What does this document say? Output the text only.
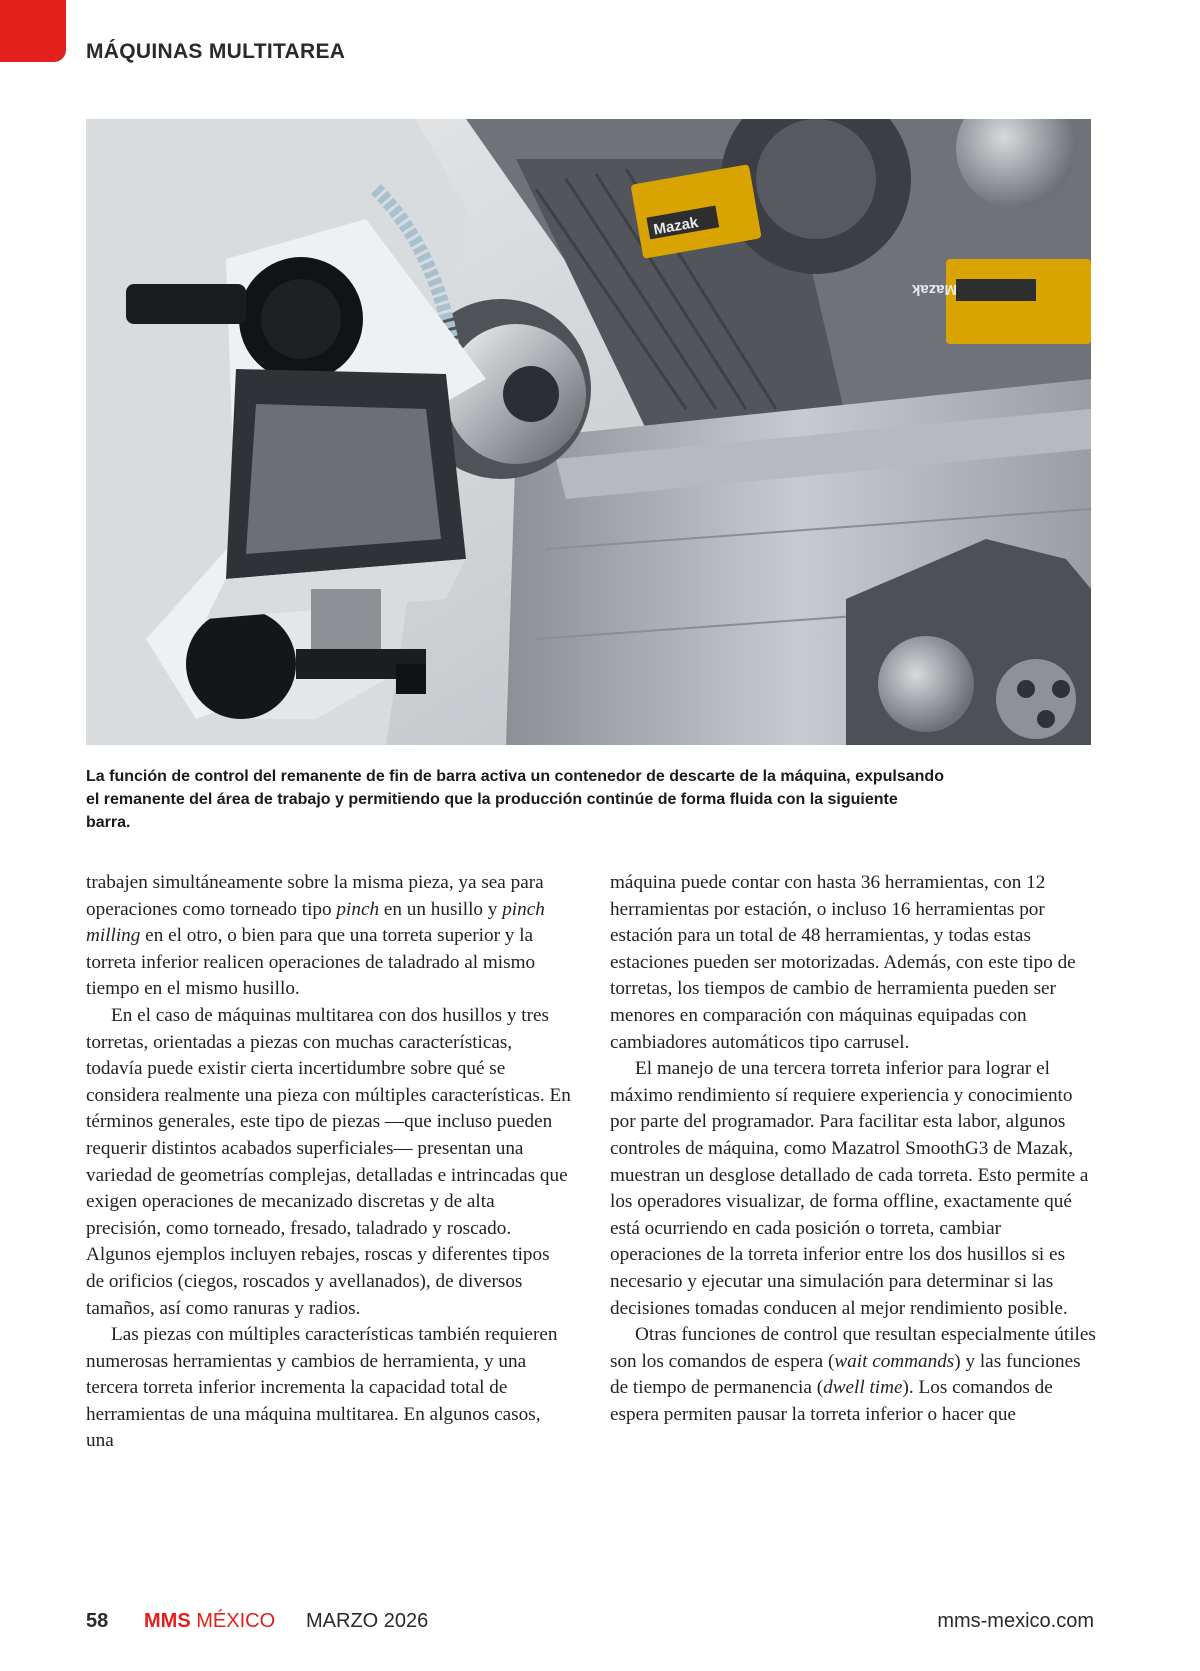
MÁQUINAS MULTITAREA
Mazak
Mazak
La función de control del remanente de fin de barra activa un contenedor de descarte de la máquina, expulsando el remanente del área de trabajo y permitiendo que la producción continúe de forma fluida con la siguiente barra.

trabajen simultáneamente sobre la misma pieza, ya sea para operaciones como torneado tipo pinch en un husillo y pinch milling en el otro, o bien para que una torreta superior y la torreta inferior realicen operaciones de taladrado al mismo tiempo en el mismo husillo.

En el caso de máquinas multitarea con dos husillos y tres torretas, orientadas a piezas con muchas características, todavía puede existir cierta incertidumbre sobre qué se considera realmente una pieza con múltiples características. En términos generales, este tipo de piezas —que incluso pueden requerir distintos acabados superficiales— presentan una variedad de geometrías complejas, detalladas e intrincadas que exigen operaciones de mecanizado discretas y de alta precisión, como torneado, fresado, taladrado y roscado. Algunos ejemplos incluyen rebajes, roscas y diferentes tipos de orificios (ciegos, roscados y avellanados), de diversos tamaños, así como ranuras y radios.

Las piezas con múltiples características también requieren numerosas herramientas y cambios de herramienta, y una tercera torreta inferior incrementa la capacidad total de herramientas de una máquina multitarea. En algunos casos, una

máquina puede contar con hasta 36 herramientas, con 12 herramientas por estación, o incluso 16 herramientas por estación para un total de 48 herramientas, y todas estas estaciones pueden ser motorizadas. Además, con este tipo de torretas, los tiempos de cambio de herramienta pueden ser menores en comparación con máquinas equipadas con cambiadores automáticos tipo carrusel.

El manejo de una tercera torreta inferior para lograr el máximo rendimiento sí requiere experiencia y conocimiento por parte del programador. Para facilitar esta labor, algunos controles de máquina, como Mazatrol SmoothG3 de Mazak, muestran un desglose detallado de cada torreta. Esto permite a los operadores visualizar, de forma offline, exactamente qué está ocurriendo en cada posición o torreta, cambiar operaciones de la torreta inferior entre los dos husillos si es necesario y ejecutar una simulación para determinar si las decisiones tomadas conducen al mejor rendimiento posible.

Otras funciones de control que resultan especialmente útiles son los comandos de espera (wait commands) y las funciones de tiempo de permanencia (dwell time). Los comandos de espera permiten pausar la torreta inferior o hacer que

58 MMS MÉXICO MARZO 2026	mms-mexico.com
